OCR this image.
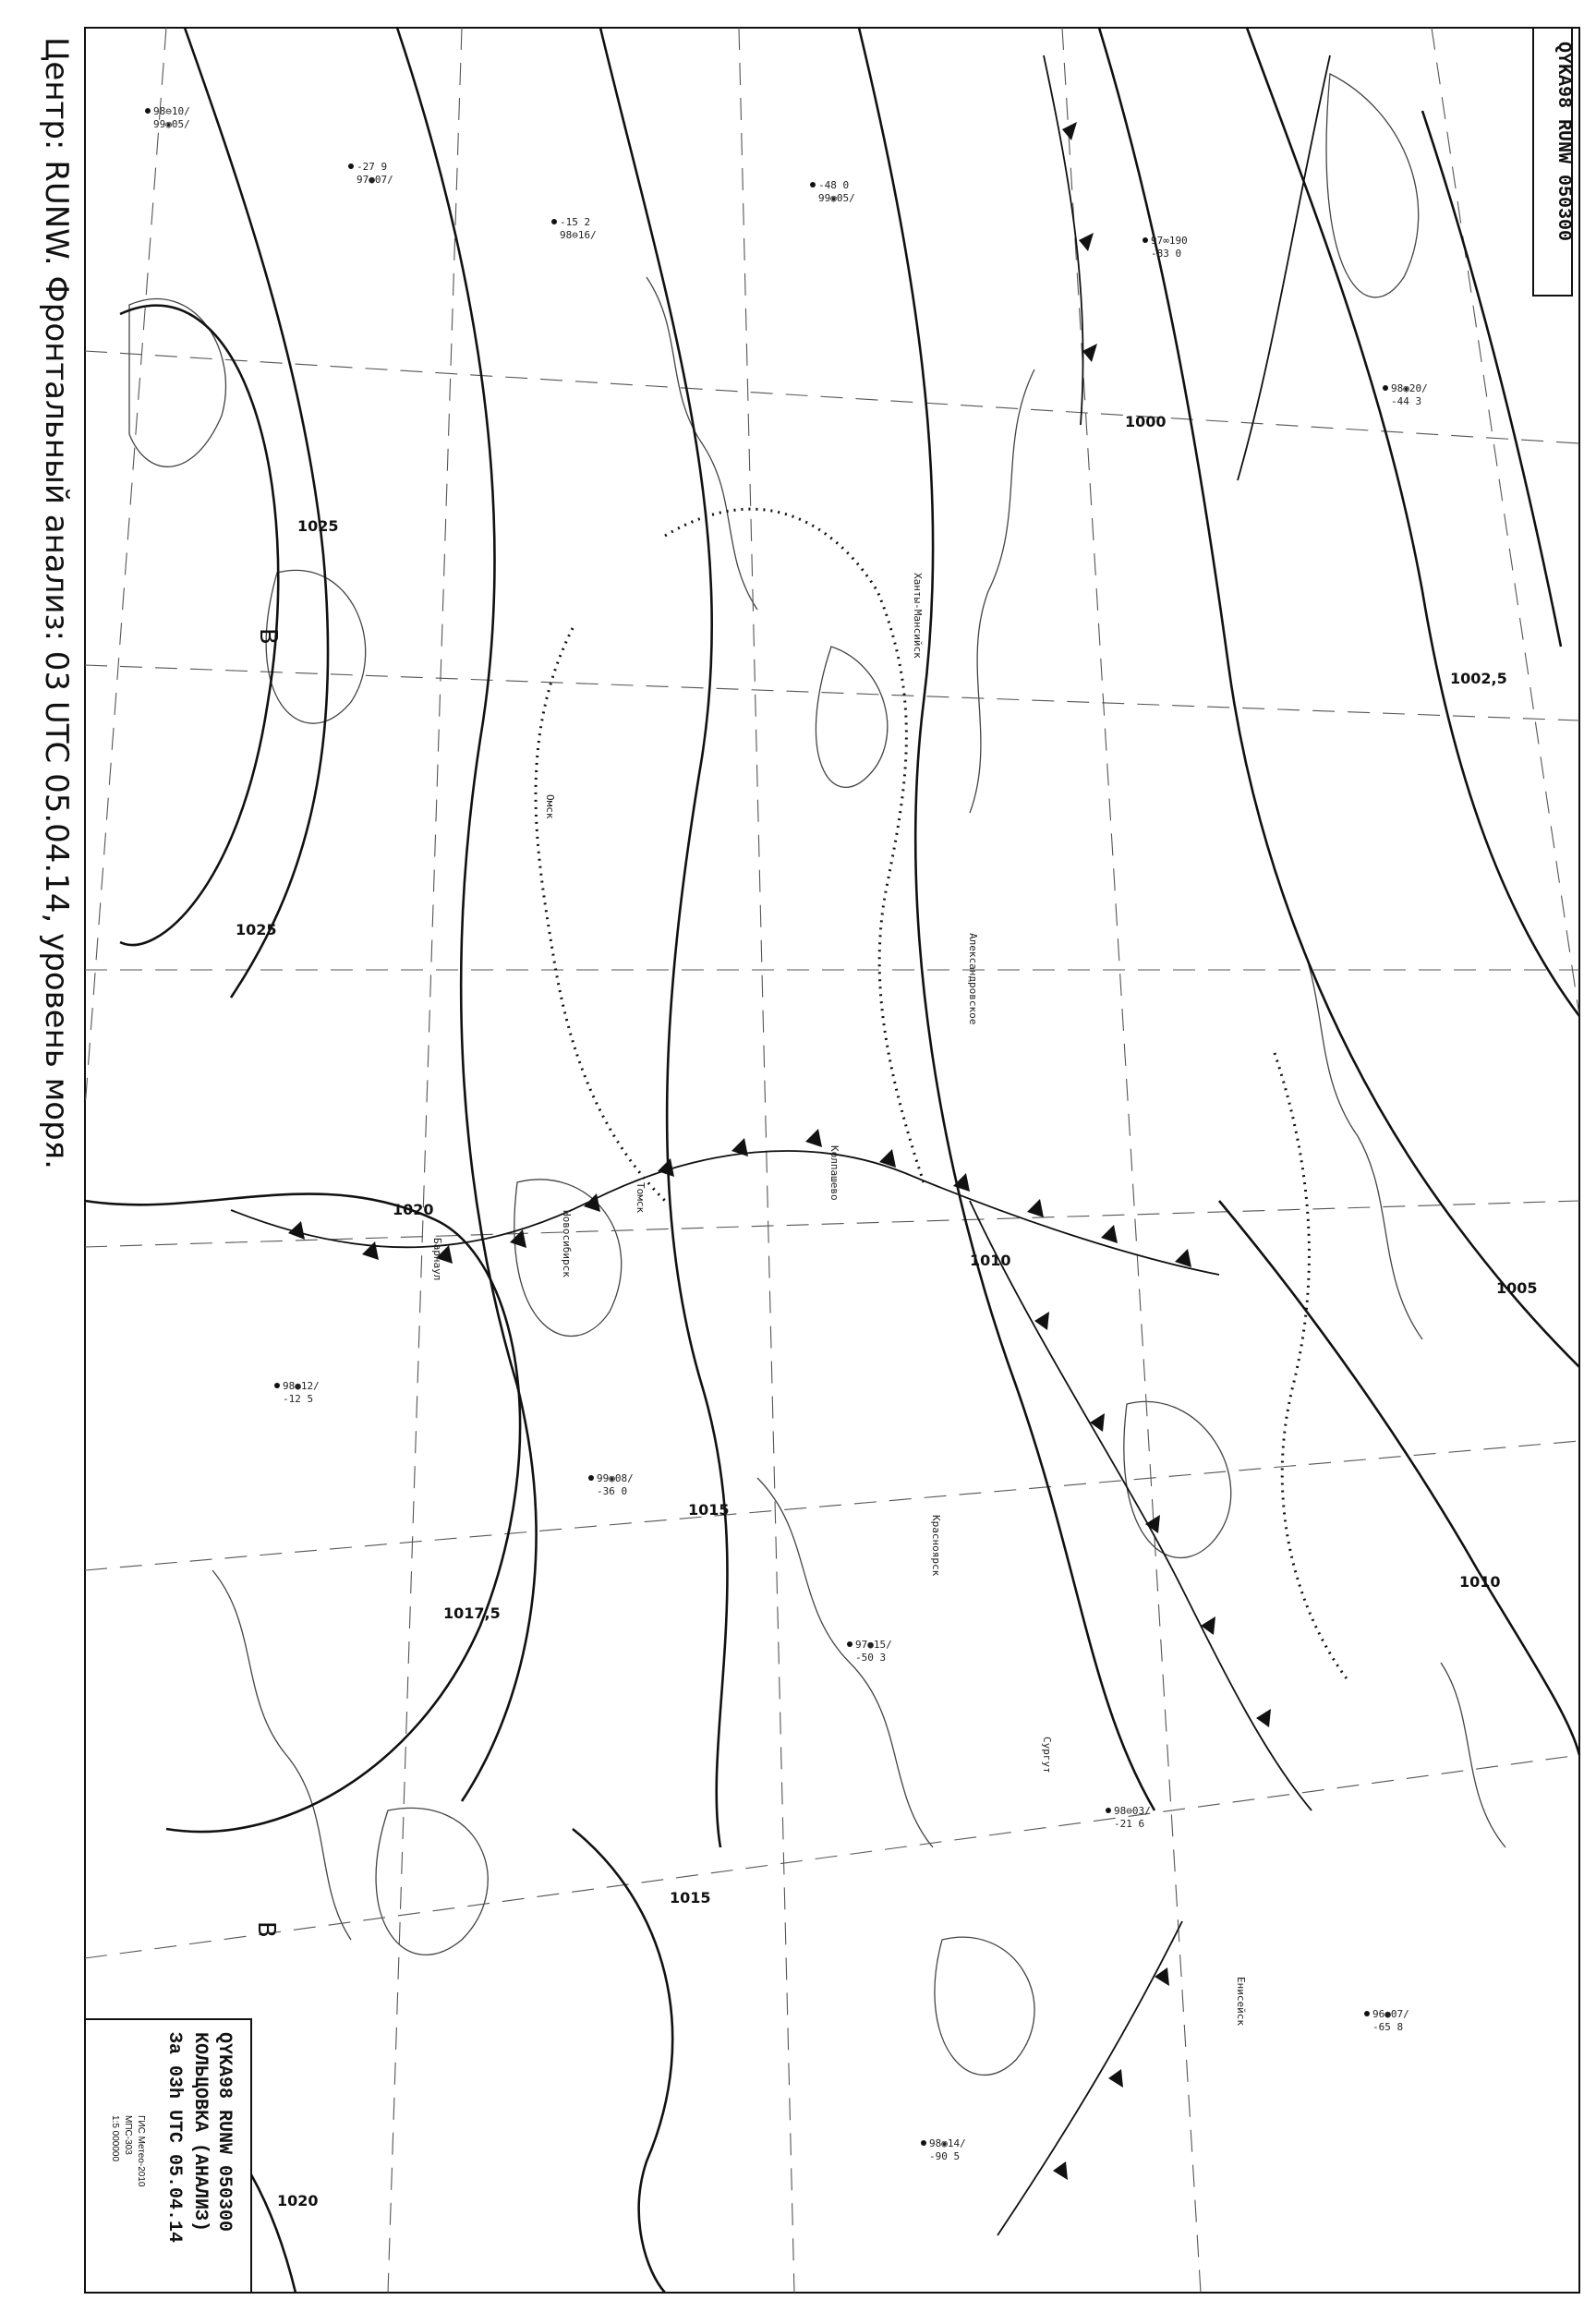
1025
1025
1020
1020
1017,5
1015
1015
1010
1010
1005
1000
1002,5
98⊖10/
99◉05/
-27 9
97●07/
-15 2
98⊖16/
-48 0
99◉05/
97∞190
-83 0
98◉20/
-44 3
98●12/
-12 5
99◉08/
-36 0
97●15/
-50 3
98⊖03/
-21 6
96●07/
-65 8
98◉14/
-90 5
Омск
Новосибирск
Барнаул
Александровское
Колпашево
Енисейск
Томск
Красноярск
Ханты-Мансийск
Сургут
В
В
Центр: RUNW. Фронтальный анализ: 03 UTC 05.04.14, уровень моря.	QYKA98 RUNW 050300
QYKA98 RUNW 050300
КОЛЬЦОВКА (АНАЛИЗ)
За 03h UTC 05.04.14
ГИС Метео-2010
МПС-303
1:5 000000
